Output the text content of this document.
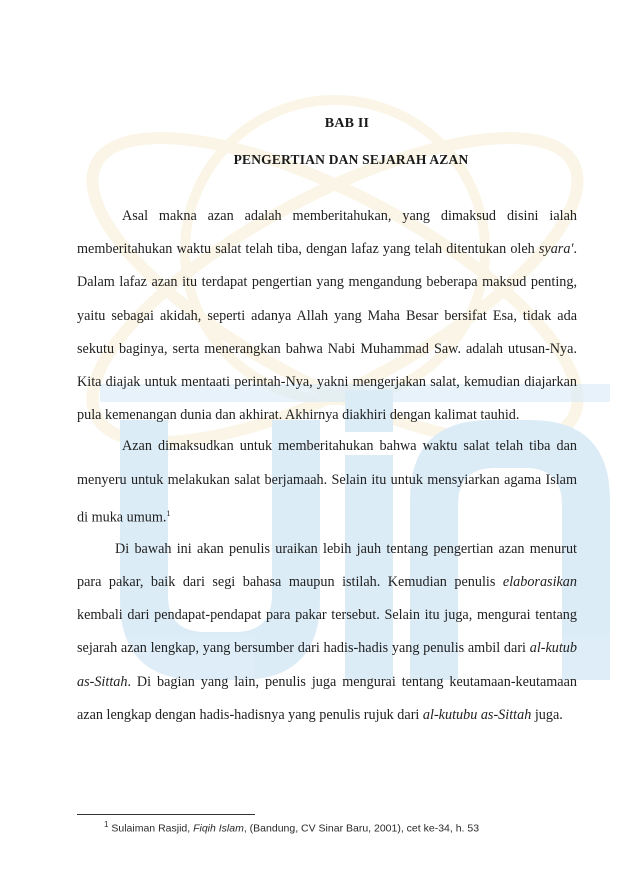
BAB II
PENGERTIAN DAN SEJARAH AZAN

Asal makna azan adalah memberitahukan, yang dimaksud disini ialah memberitahukan waktu salat telah tiba, dengan lafaz yang telah ditentukan oleh syara'. Dalam lafaz azan itu terdapat pengertian yang mengandung beberapa maksud penting, yaitu sebagai akidah, seperti adanya Allah yang Maha Besar bersifat Esa, tidak ada sekutu baginya, serta menerangkan bahwa Nabi Muhammad Saw. adalah utusan-Nya. Kita diajak untuk mentaati perintah-Nya, yakni mengerjakan salat, kemudian diajarkan pula kemenangan dunia dan akhirat. Akhirnya diakhiri dengan kalimat tauhid.

Azan dimaksudkan untuk memberitahukan bahwa waktu salat telah tiba dan menyeru untuk melakukan salat berjamaah. Selain itu untuk mensyiarkan agama Islam di muka umum.$^1$

Di bawah ini akan penulis uraikan lebih jauh tentang pengertian azan menurut para pakar, baik dari segi bahasa maupun istilah. Kemudian penulis elaborasikan kembali dari pendapat-pendapat para pakar tersebut. Selain itu juga, mengurai tentang sejarah azan lengkap, yang bersumber dari hadis-hadis yang penulis ambil dari al-kutub as-Sittah. Di bagian yang lain, penulis juga mengurai tentang keutamaan-keutamaan azan lengkap dengan hadis-hadisnya yang penulis rujuk dari al-kutubu as-Sittah juga.

$^1$ Sulaiman Rasjid, Fiqih Islam, (Bandung, CV Sinar Baru, 2001), cet ke-34, h. 53
